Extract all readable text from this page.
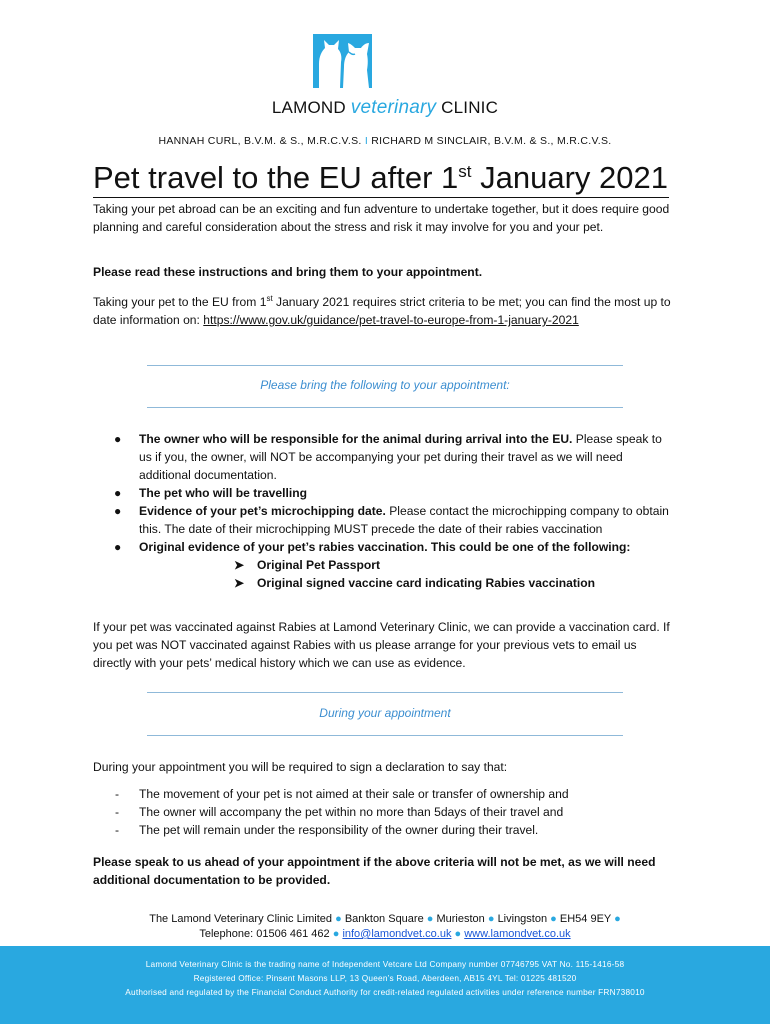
LAMOND veterinary CLINIC
HANNAH CURL, B.V.M. & S., M.R.C.V.S. I RICHARD M SINCLAIR, B.V.M. & S., M.R.C.V.S.
Pet travel to the EU after 1st January 2021
Taking your pet abroad can be an exciting and fun adventure to undertake together, but it does require good planning and careful consideration about the stress and risk it may involve for you and your pet.
Please read these instructions and bring them to your appointment.
Taking your pet to the EU from 1st January 2021 requires strict criteria to be met; you can find the most up to date information on: https://www.gov.uk/guidance/pet-travel-to-europe-from-1-january-2021
Please bring the following to your appointment:
● The owner who will be responsible for the animal during arrival into the EU. Please speak to us if you, the owner, will NOT be accompanying your pet during their travel as we will need additional documentation.
● The pet who will be travelling
● Evidence of your pet’s microchipping date. Please contact the microchipping company to obtain this. The date of their microchipping MUST precede the date of their rabies vaccination
● Original evidence of your pet’s rabies vaccination. This could be one of the following:
➤ Original Pet Passport
➤ Original signed vaccine card indicating Rabies vaccination
If your pet was vaccinated against Rabies at Lamond Veterinary Clinic, we can provide a vaccination card. If you pet was NOT vaccinated against Rabies with us please arrange for your previous vets to email us directly with your pets’ medical history which we can use as evidence.
During your appointment
During your appointment you will be required to sign a declaration to say that:
- The movement of your pet is not aimed at their sale or transfer of ownership and
- The owner will accompany the pet within no more than 5days of their travel and
- The pet will remain under the responsibility of the owner during their travel.
Please speak to us ahead of your appointment if the above criteria will not be met, as we will need additional documentation to be provided.
The Lamond Veterinary Clinic Limited ● Bankton Square ● Murieston ● Livingston ● EH54 9EY ●
Telephone: 01506 461 462 ● info@lamondvet.co.uk ● www.lamondvet.co.uk
Lamond Veterinary Clinic is the trading name of Independent Vetcare Ltd Company number 07746795 VAT No. 115-1416-58
Registered Office: Pinsent Masons LLP, 13 Queen’s Road, Aberdeen, AB15 4YL Tel: 01225 481520
Authorised and regulated by the Financial Conduct Authority for credit-related regulated activities under reference number FRN738010
